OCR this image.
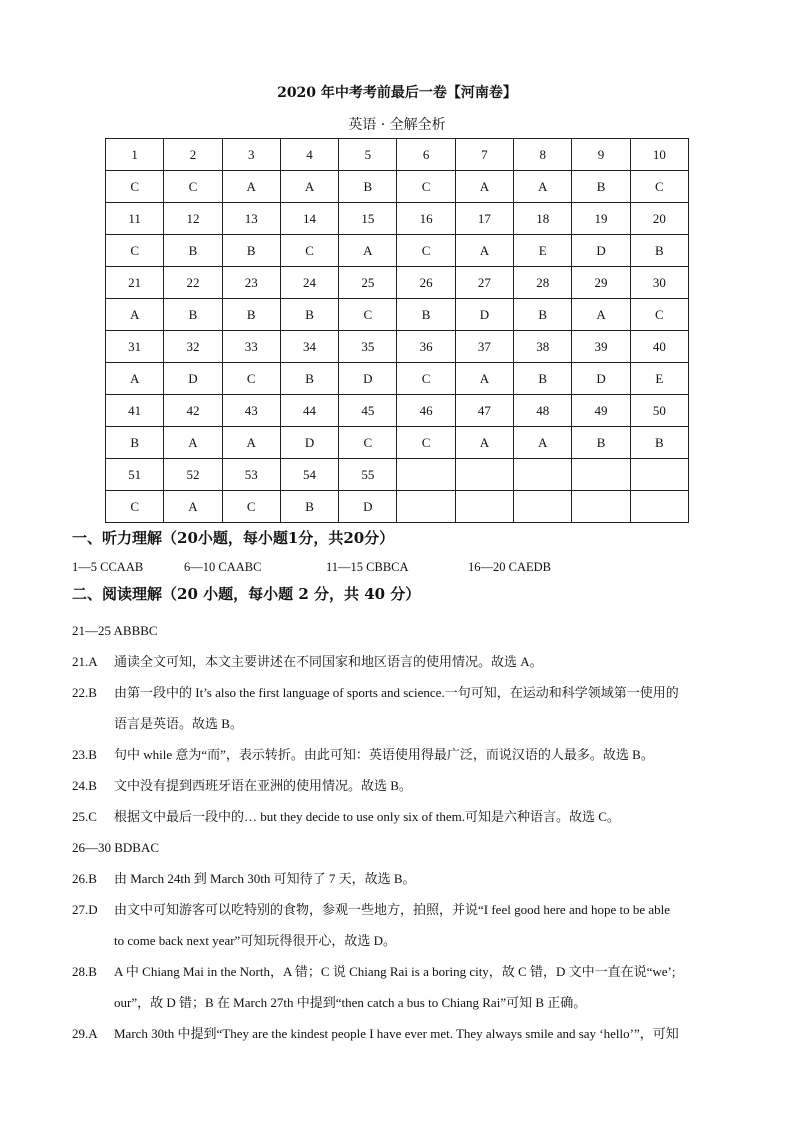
2020 年中考考前最后一卷【河南卷】
英语 · 全解全析
1	2	3	4	5	6	7	8	9	10
C	C	A	A	B	C	A	A	B	C
11	12	13	14	15	16	17	18	19	20
C	B	B	C	A	C	A	E	D	B
21	22	23	24	25	26	27	28	29	30
A	B	B	B	C	B	D	B	A	C
31	32	33	34	35	36	37	38	39	40
A	D	C	B	D	C	A	B	D	E
41	42	43	44	45	46	47	48	49	50
B	A	A	D	C	C	A	A	B	B
51	52	53	54	55					
C	A	C	B	D					
一、听力理解（20小题，每小题1分，共20分）
1—5 CCAAB	6—10 CAABC	11—15 CBBCA	16—20 CAEDB
二、阅读理解（20 小题，每小题 2 分，共 40 分）
21—25 ABBBC
21.A 通读全文可知，本文主要讲述在不同国家和地区语言的使用情况。故选 A。
22.B 由第一段中的 It’s also the first language of sports and science.一句可知，在运动和科学领域第一使用的
语言是英语。故选 B。
23.B 句中 while 意为“而”，表示转折。由此可知：英语使用得最广泛，而说汉语的人最多。故选 B。
24.B 文中没有提到西班牙语在亚洲的使用情况。故选 B。
25.C 根据文中最后一段中的… but they decide to use only six of them.可知是六种语言。故选 C。
26—30 BDBAC
26.B 由 March 24th 到 March 30th 可知待了 7 天，故选 B。
27.D 由文中可知游客可以吃特别的食物，参观一些地方，拍照，并说“I feel good here and hope to be able
to come back next year”可知玩得很开心，故选 D。
28.B A 中 Chiang Mai in the North，A 错；C 说 Chiang Rai is a boring city，故 C 错，D 文中一直在说“we’;
our”，故 D 错；B 在 March 27th 中提到“then catch a bus to Chiang Rai”可知 B 正确。
29.A March 30th 中提到“They are the kindest people I have ever met. They always smile and say ‘hello’”，可知
